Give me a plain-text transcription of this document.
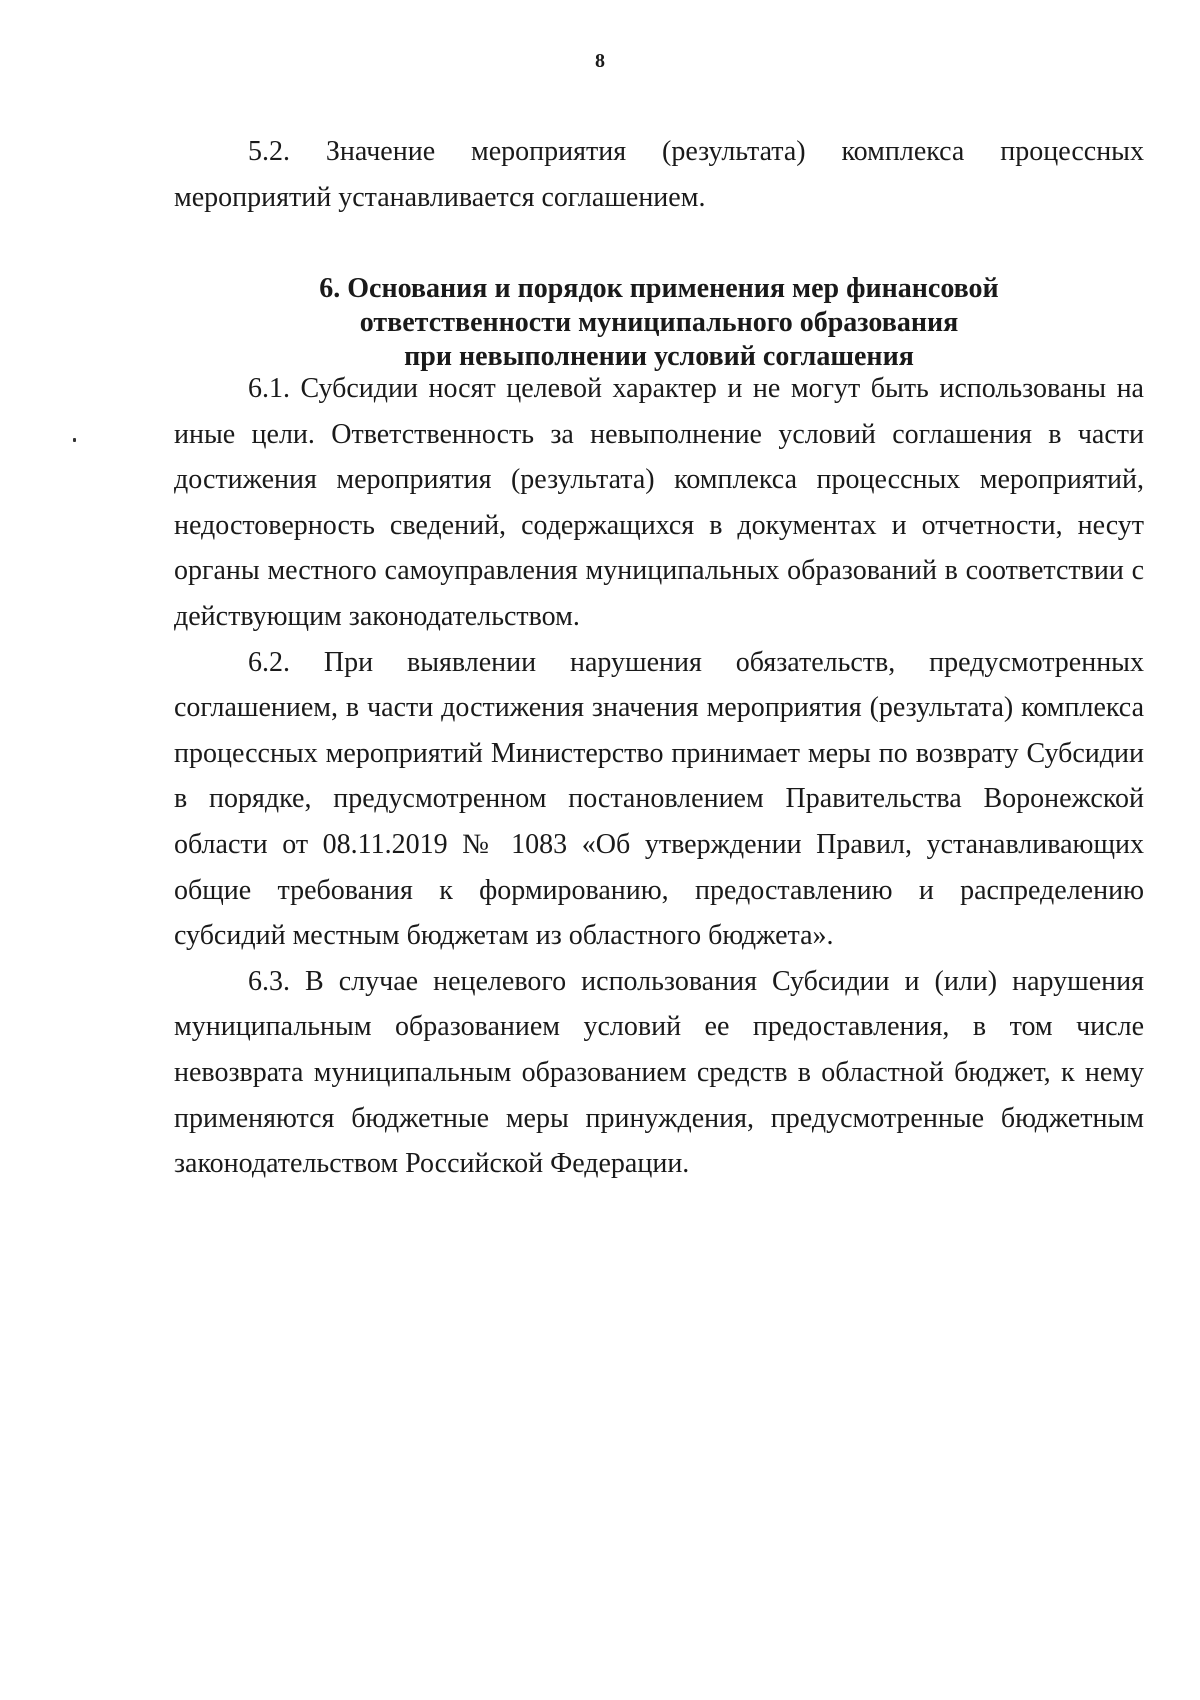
8

5.2. Значение мероприятия (результата) комплекса процессных мероприятий устанавливается соглашением.

6. Основания и порядок применения мер финансовой
ответственности муниципального образования
при невыполнении условий соглашения

6.1. Субсидии носят целевой характер и не могут быть использованы на иные цели. Ответственность за невыполнение условий соглашения в части достижения мероприятия (результата) комплекса процессных мероприятий, недостоверность сведений, содержащихся в документах и отчетности, несут органы местного самоуправления муниципальных образований в соответствии с действующим законодательством.

6.2. При выявлении нарушения обязательств, предусмотренных соглашением, в части достижения значения мероприятия (результата) комплекса процессных мероприятий Министерство принимает меры по возврату Субсидии в порядке, предусмотренном постановлением Правительства Воронежской области от 08.11.2019 № 1083 «Об утверждении Правил, устанавливающих общие требования к формированию, предоставлению и распределению субсидий местным бюджетам из областного бюджета».

6.3. В случае нецелевого использования Субсидии и (или) нарушения муниципальным образованием условий ее предоставления, в том числе невозврата муниципальным образованием средств в областной бюджет, к нему применяются бюджетные меры принуждения, предусмотренные бюджетным законодательством Российской Федерации.
